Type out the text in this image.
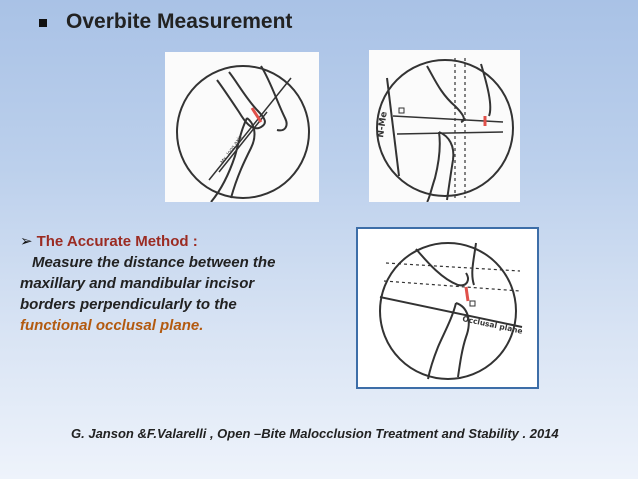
Overbite Measurement
Mx. long axis
N-Me
➢ The Accurate Method :
Measure the distance between the
maxillary and mandibular incisor
borders perpendicularly to the
functional occlusal plane.	Occlusal plane
G. Janson &F.Valarelli , Open –Bite Malocclusion Treatment and Stability . 2014
